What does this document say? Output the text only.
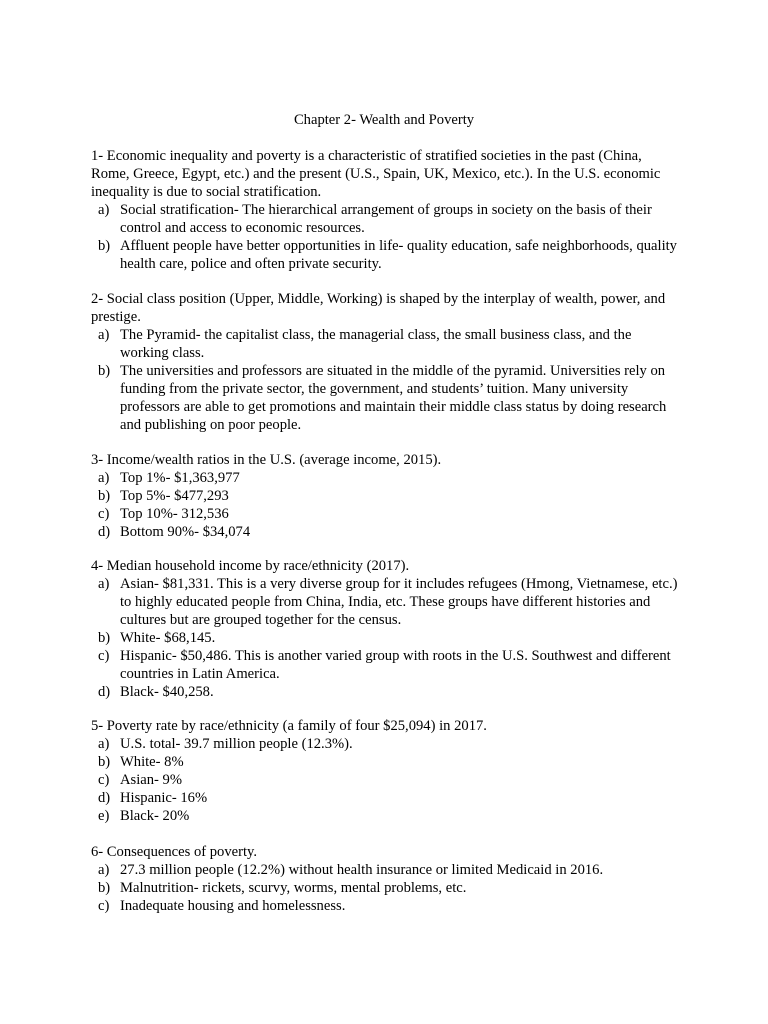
Chapter 2- Wealth and Poverty

1- Economic inequality and poverty is a characteristic of stratified societies in the past (China, Rome, Greece, Egypt, etc.) and the present (U.S., Spain, UK, Mexico, etc.). In the U.S. economic inequality is due to social stratification.

a) Social stratification- The hierarchical arrangement of groups in society on the basis of their control and access to economic resources.
b) Affluent people have better opportunities in life- quality education, safe neighborhoods, quality health care, police and often private security.

2- Social class position (Upper, Middle, Working) is shaped by the interplay of wealth, power, and prestige.

a) The Pyramid- the capitalist class, the managerial class, the small business class, and the working class.
b) The universities and professors are situated in the middle of the pyramid. Universities rely on funding from the private sector, the government, and students’ tuition. Many university professors are able to get promotions and maintain their middle class status by doing research and publishing on poor people.

3- Income/wealth ratios in the U.S. (average income, 2015).

a) Top 1%- $1,363,977
b) Top 5%- $477,293
c) Top 10%- 312,536
d) Bottom 90%- $34,074

4- Median household income by race/ethnicity (2017).

a) Asian- $81,331. This is a very diverse group for it includes refugees (Hmong, Vietnamese, etc.) to highly educated people from China, India, etc. These groups have different histories and cultures but are grouped together for the census.
b) White- $68,145.
c) Hispanic- $50,486. This is another varied group with roots in the U.S. Southwest and different countries in Latin America.
d) Black- $40,258.

5- Poverty rate by race/ethnicity (a family of four $25,094) in 2017.

a) U.S. total- 39.7 million people (12.3%).
b) White- 8%
c) Asian- 9%
d) Hispanic- 16%
e) Black- 20%

6- Consequences of poverty.

a) 27.3 million people (12.2%) without health insurance or limited Medicaid in 2016.
b) Malnutrition- rickets, scurvy, worms, mental problems, etc.
c) Inadequate housing and homelessness.
